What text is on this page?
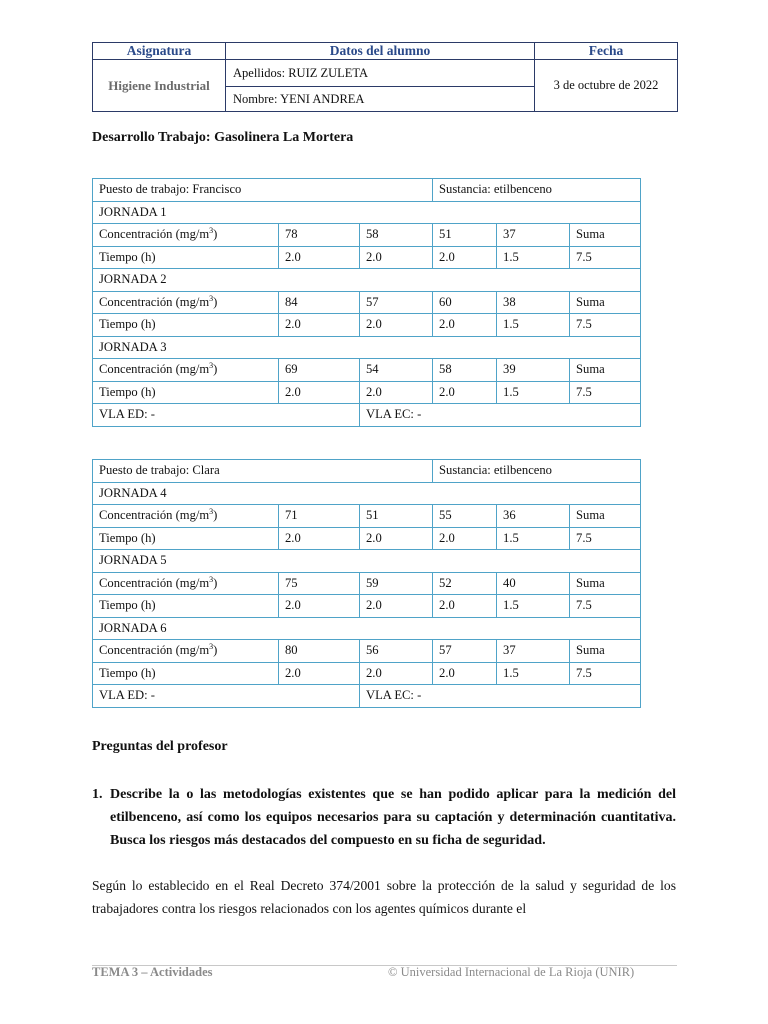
Asignatura	Datos del alumno	Fecha
Higiene Industrial	Apellidos: RUIZ ZULETA	3 de octubre de 2022
	Nombre: YENI ANDREA	
Desarrollo Trabajo: Gasolinera La Mortera
Puesto de trabajo: Francisco			Sustancia: etilbenceno		
JORNADA 1					
Concentración $(mg/m^3)$	78	58	51	37	Suma
Tiempo (h)	2.0	2.0	2.0	1.5	7.5
JORNADA 2					
Concentración $(mg/m^3)$	84	57	60	38	Suma
Tiempo (h)	2.0	2.0	2.0	1.5	7.5
JORNADA 3					
Concentración $(mg/m^3)$	69	54	58	39	Suma
Tiempo (h)	2.0	2.0	2.0	1.5	7.5
VLA ED: -		VLA EC: -			
Puesto de trabajo: Clara			Sustancia: etilbenceno		
JORNADA 4					
Concentración $(mg/m^3)$	71	51	55	36	Suma
Tiempo (h)	2.0	2.0	2.0	1.5	7.5
JORNADA 5					
Concentración $(mg/m^3)$	75	59	52	40	Suma
Tiempo (h)	2.0	2.0	2.0	1.5	7.5
JORNADA 6					
Concentración $(mg/m^3)$	80	56	57	37	Suma
Tiempo (h)	2.0	2.0	2.0	1.5	7.5
VLA ED: -		VLA EC: -			
Preguntas del profesor
1. Describe la o las metodologías existentes que se han podido aplicar para la medición del etilbenceno, así como los equipos necesarios para su captación y determinación cuantitativa. Busca los riesgos más destacados del compuesto en su ficha de seguridad.
Según lo establecido en el Real Decreto 374/2001 sobre la protección de la salud y seguridad de los trabajadores contra los riesgos relacionados con los agentes químicos durante el
TEMA 3 – Actividades	© Universidad Internacional de La Rioja (UNIR)
